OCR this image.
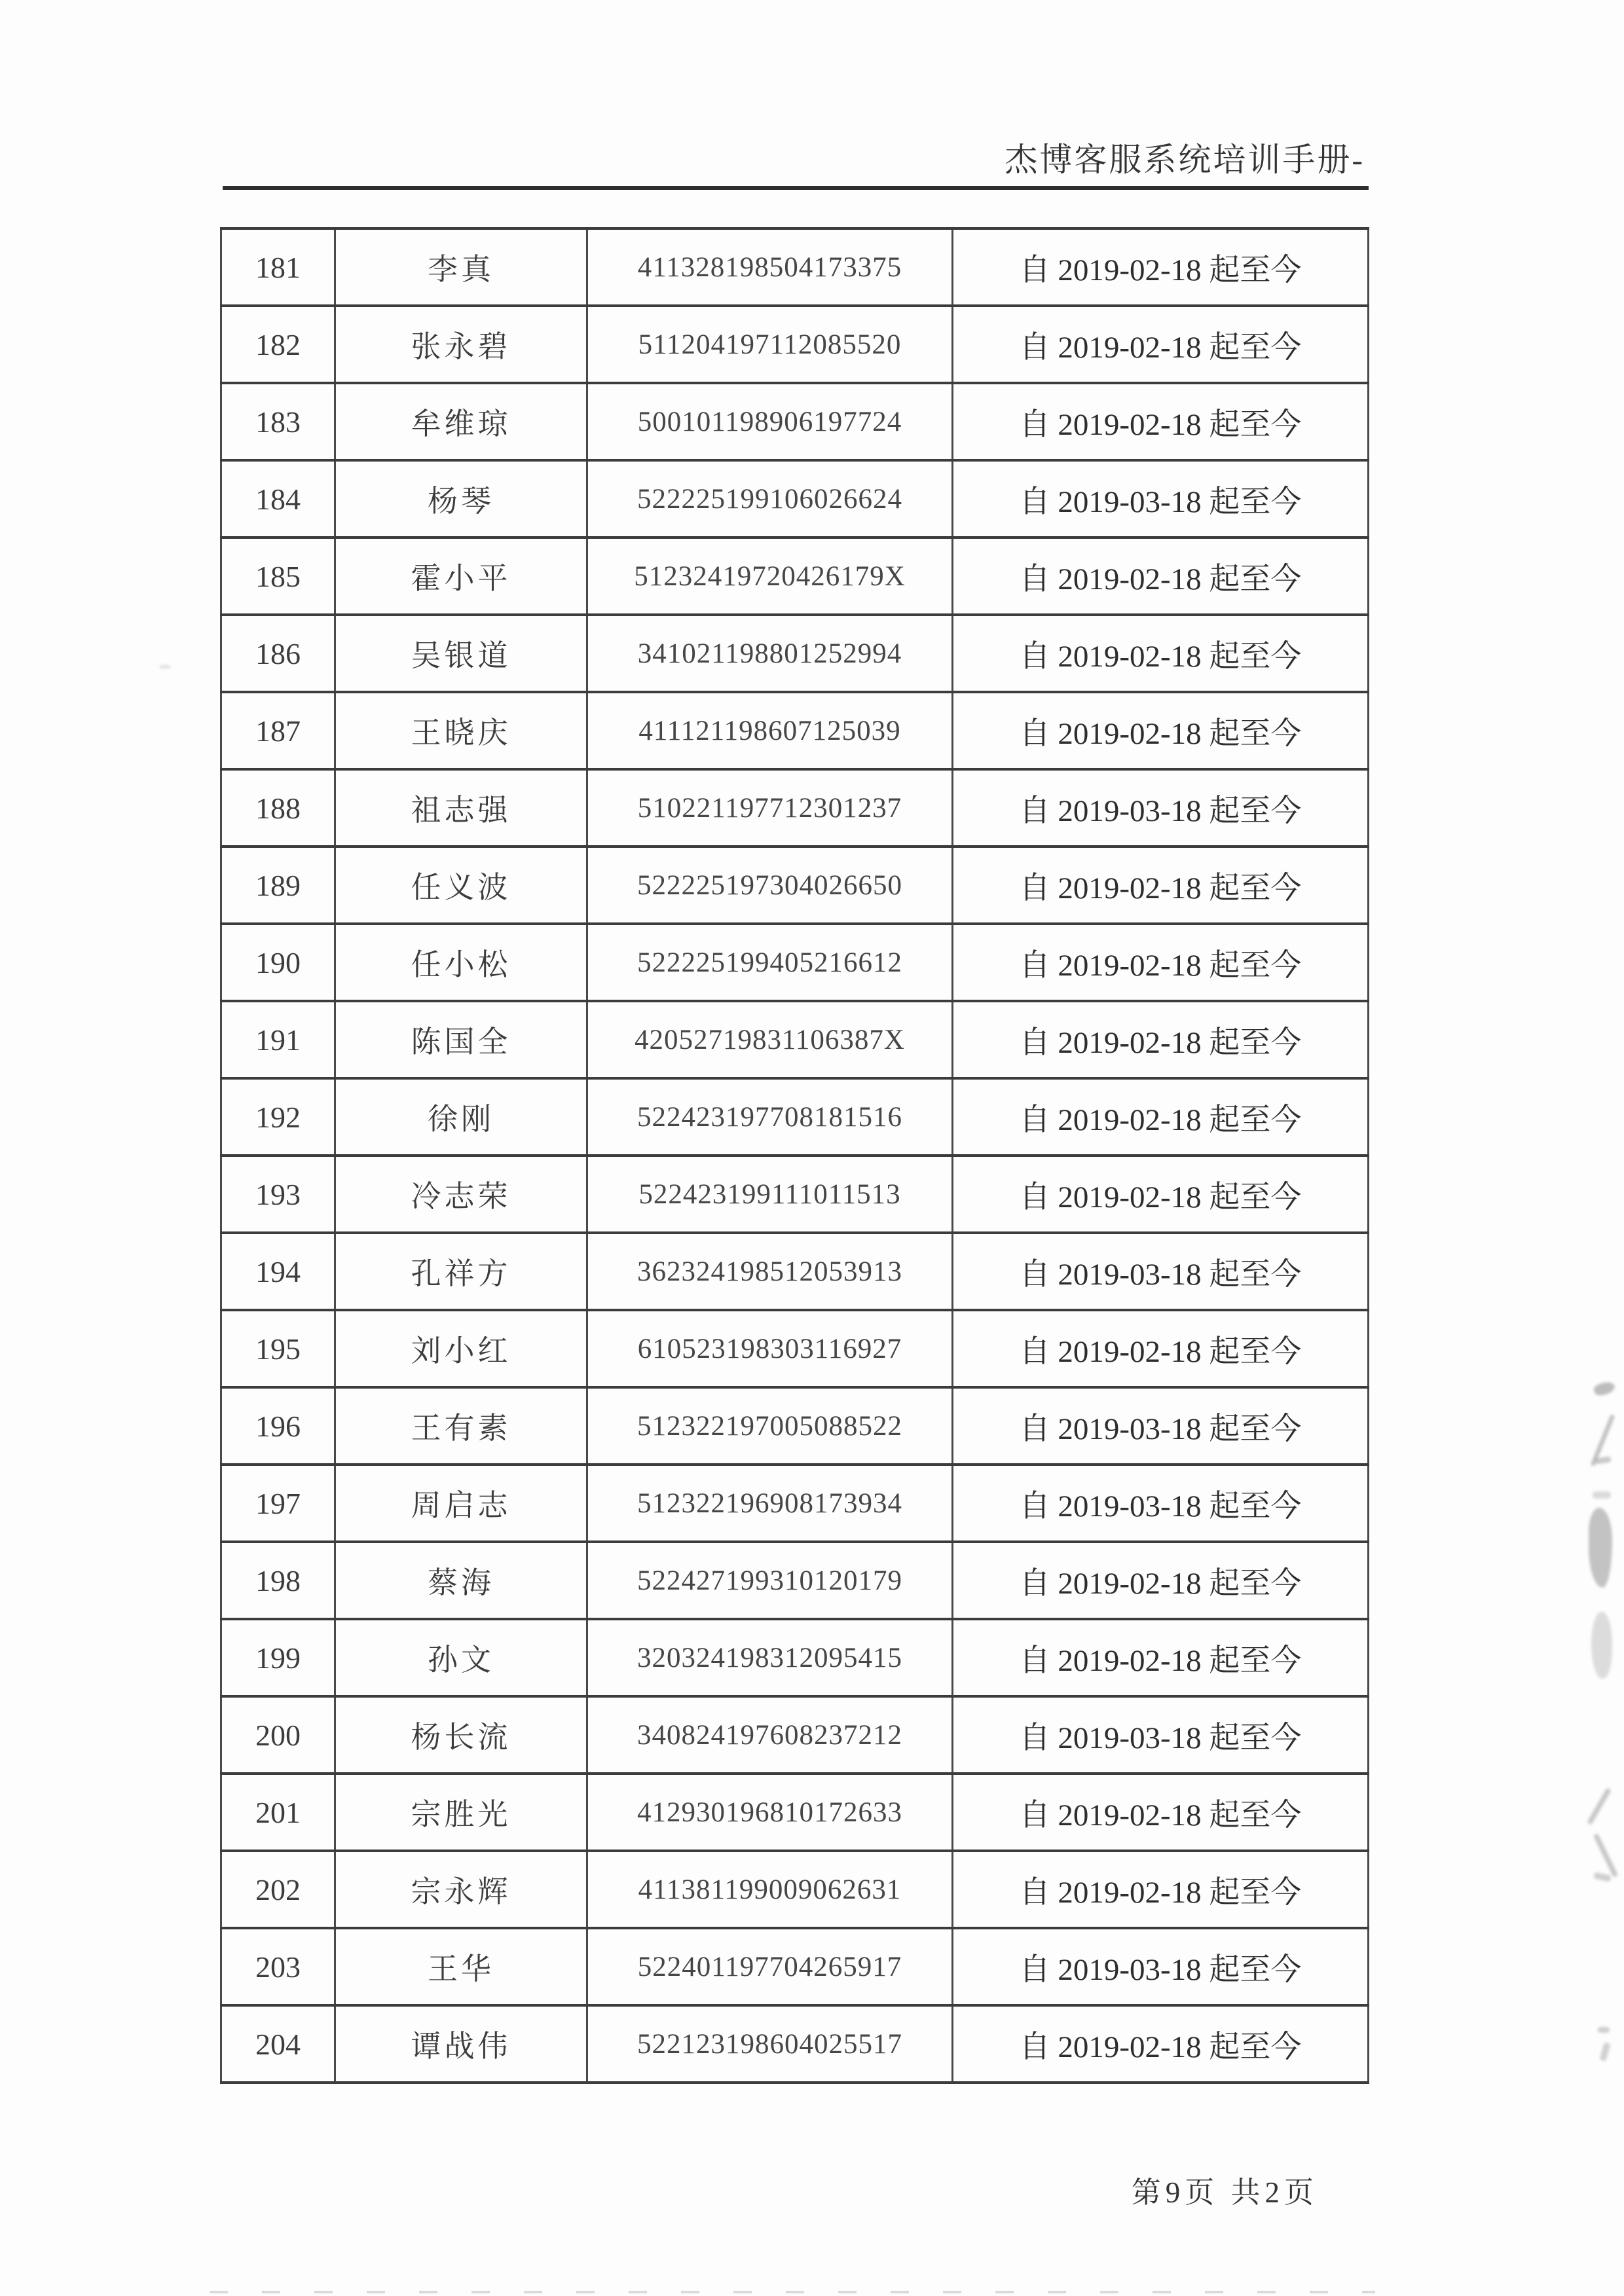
杰博客服系统培训手册-
181	李真	411328198504173375	自 2019-02-18 起至今
182	张永碧	511204197112085520	自 2019-02-18 起至今
183	牟维琼	500101198906197724	自 2019-02-18 起至今
184	杨琴	522225199106026624	自 2019-03-18 起至今
185	霍小平	51232419720426179X	自 2019-02-18 起至今
186	吴银道	341021198801252994	自 2019-02-18 起至今
187	王晓庆	411121198607125039	自 2019-02-18 起至今
188	祖志强	510221197712301237	自 2019-03-18 起至今
189	任义波	522225197304026650	自 2019-02-18 起至今
190	任小松	522225199405216612	自 2019-02-18 起至今
191	陈国全	42052719831106387X	自 2019-02-18 起至今
192	徐刚	522423197708181516	自 2019-02-18 起至今
193	冷志荣	522423199111011513	自 2019-02-18 起至今
194	孔祥方	362324198512053913	自 2019-03-18 起至今
195	刘小红	610523198303116927	自 2019-02-18 起至今
196	王有素	512322197005088522	自 2019-03-18 起至今
197	周启志	512322196908173934	自 2019-03-18 起至今
198	蔡海	522427199310120179	自 2019-02-18 起至今
199	孙文	320324198312095415	自 2019-02-18 起至今
200	杨长流	340824197608237212	自 2019-03-18 起至今
201	宗胜光	412930196810172633	自 2019-02-18 起至今
202	宗永辉	411381199009062631	自 2019-02-18 起至今
203	王华	522401197704265917	自 2019-03-18 起至今
204	谭战伟	522123198604025517	自 2019-02-18 起至今
第9页 共2页
